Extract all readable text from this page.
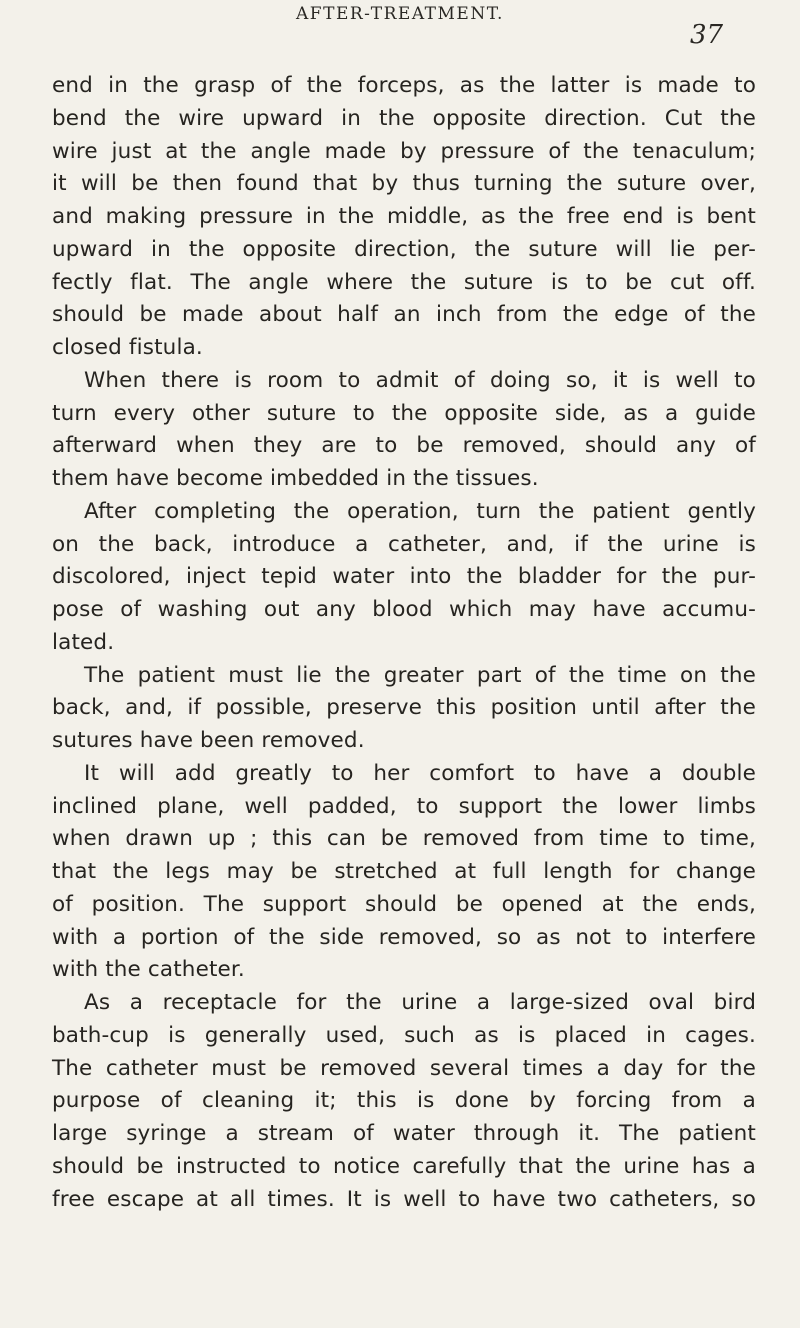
AFTER-TREATMENT.
37
end in the grasp of the forceps, as the latter is made to
bend the wire upward in the opposite direction. Cut the
wire just at the angle made by pressure of the tenaculum;
it will be then found that by thus turning the suture over,
and making pressure in the middle, as the free end is bent
upward in the opposite direction, the suture will lie per-
fectly flat. The angle where the suture is to be cut off.
should be made about half an inch from the edge of the
closed fistula.
When there is room to admit of doing so, it is well to
turn every other suture to the opposite side, as a guide
afterward when they are to be removed, should any of
them have become imbedded in the tissues.
After completing the operation, turn the patient gently
on the back, introduce a catheter, and, if the urine is
discolored, inject tepid water into the bladder for the pur-
pose of washing out any blood which may have accumu-
lated.
The patient must lie the greater part of the time on the
back, and, if possible, preserve this position until after the
sutures have been removed.
It will add greatly to her comfort to have a double
inclined plane, well padded, to support the lower limbs
when drawn up ; this can be removed from time to time,
that the legs may be stretched at full length for change
of position. The support should be opened at the ends,
with a portion of the side removed, so as not to interfere
with the catheter.
As a receptacle for the urine a large-sized oval bird
bath-cup is generally used, such as is placed in cages.
The catheter must be removed several times a day for the
purpose of cleaning it; this is done by forcing from a
large syringe a stream of water through it. The patient
should be instructed to notice carefully that the urine has a
free escape at all times. It is well to have two catheters, so
